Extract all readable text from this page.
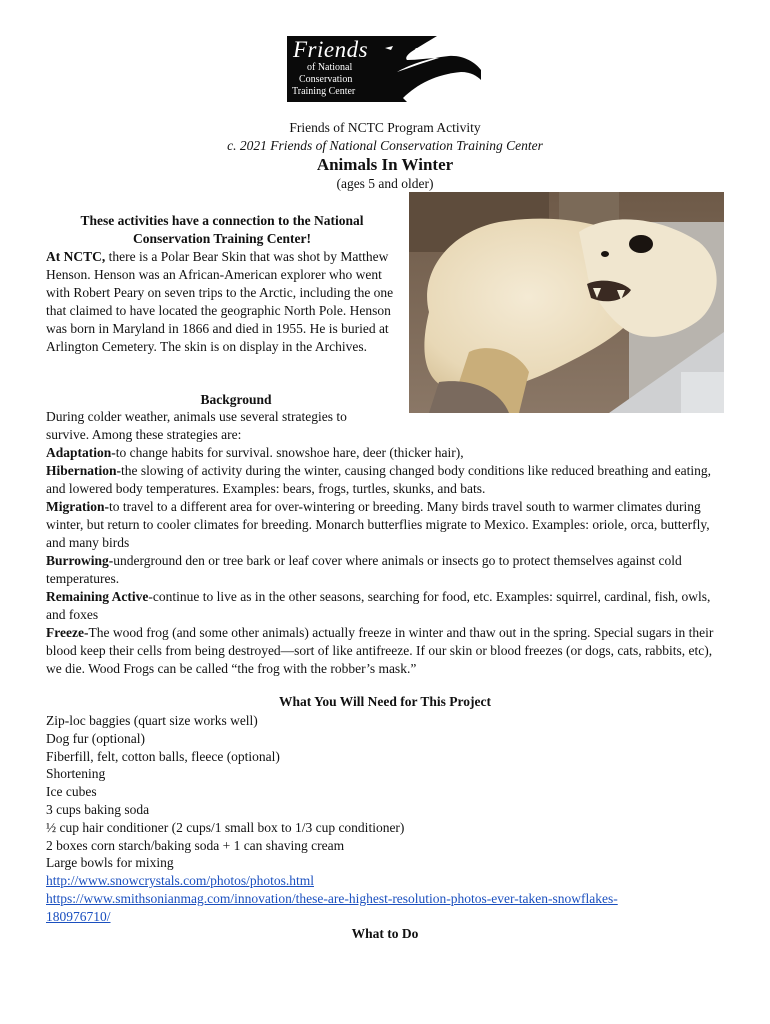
Friends
of National
Conservation
Training Center
Friends of NCTC Program Activity
c. 2021 Friends of National Conservation Training Center
Animals In Winter
(ages 5 and older)
These activities have a connection to the National Conservation Training Center!
At NCTC, there is a Polar Bear Skin that was shot by Matthew Henson. Henson was an African-American explorer who went with Robert Peary on seven trips to the Arctic, including the one that claimed to have located the geographic North Pole. Henson was born in Maryland in 1866 and died in 1955. He is buried at Arlington Cemetery. The skin is on display in the Archives.
Background
During colder weather, animals use several strategies to survive. Among these strategies are:
Adaptation-to change habits for survival. snowshoe hare, deer (thicker hair),
Hibernation-the slowing of activity during the winter, causing changed body conditions like reduced breathing and eating, and lowered body temperatures. Examples: bears, frogs, turtles, skunks, and bats.
Migration-to travel to a different area for over-wintering or breeding. Many birds travel south to warmer climates during winter, but return to cooler climates for breeding. Monarch butterflies migrate to Mexico. Examples: oriole, orca, butterfly, and many birds
Burrowing-underground den or tree bark or leaf cover where animals or insects go to protect themselves against cold temperatures.
Remaining Active-continue to live as in the other seasons, searching for food, etc. Examples: squirrel, cardinal, fish, owls, and foxes
Freeze-The wood frog (and some other animals) actually freeze in winter and thaw out in the spring. Special sugars in their blood keep their cells from being destroyed—sort of like antifreeze. If our skin or blood freezes (or dogs, cats, rabbits, etc), we die. Wood Frogs can be called “the frog with the robber’s mask.”
What You Will Need for This Project
Zip-loc baggies (quart size works well)
Dog fur (optional)
Fiberfill, felt, cotton balls, fleece (optional)
Shortening
Ice cubes
3 cups baking soda
½ cup hair conditioner (2 cups/1 small box to 1/3 cup conditioner)
2 boxes corn starch/baking soda + 1 can shaving cream
Large bowls for mixing
http://www.snowcrystals.com/photos/photos.html
https://www.smithsonianmag.com/innovation/these-are-highest-resolution-photos-ever-taken-snowflakes-
180976710/
What to Do
